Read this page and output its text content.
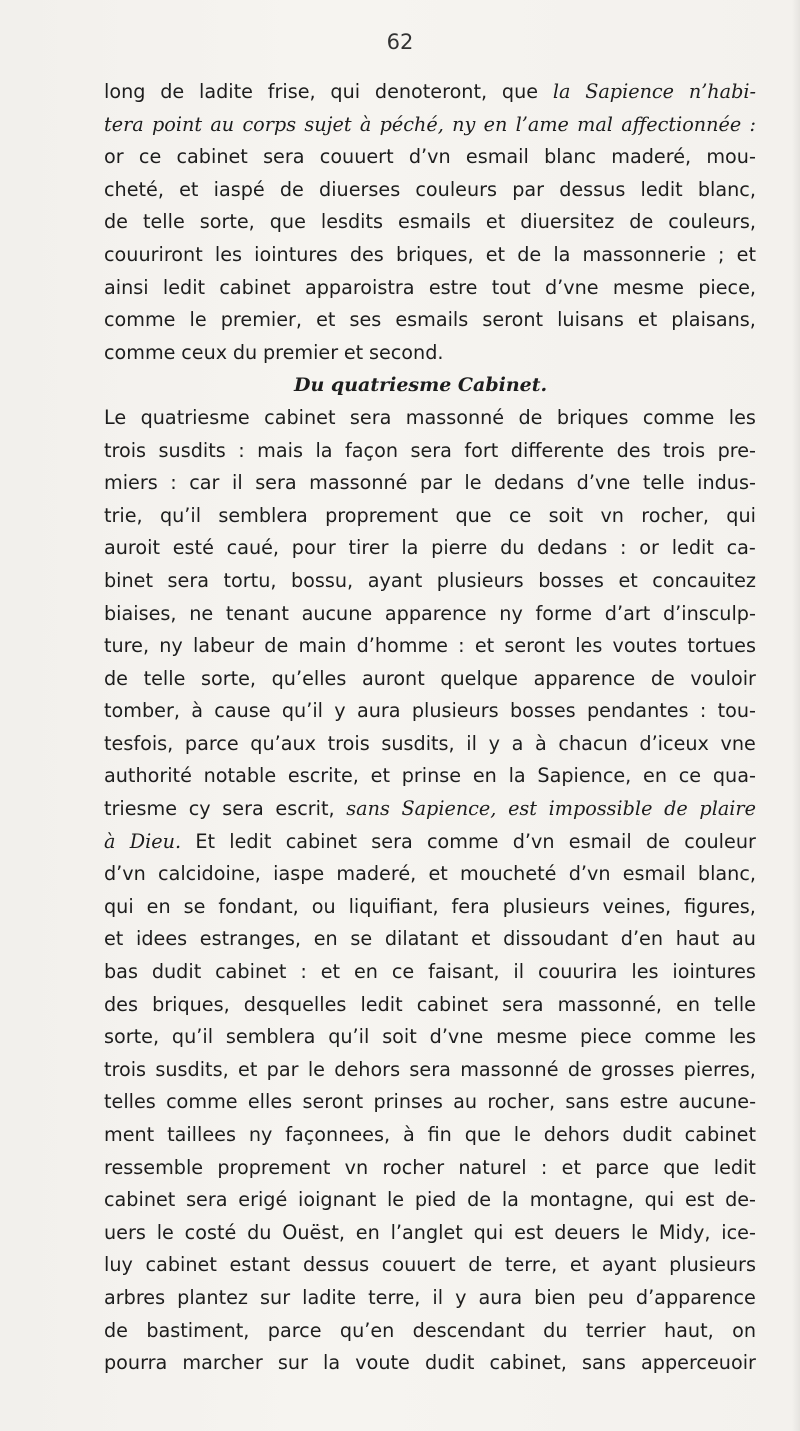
62
long de ladite frise, qui denoteront, que la Sapience n’habi-
tera point au corps sujet à péché, ny en l’ame mal affectionnée :
or ce cabinet sera couuert d’vn esmail blanc maderé, mou-
cheté, et iaspé de diuerses couleurs par dessus ledit blanc,
de telle sorte, que lesdits esmails et diuersitez de couleurs,
couuriront les iointures des briques, et de la massonnerie ; et
ainsi ledit cabinet apparoistra estre tout d’vne mesme piece,
comme le premier, et ses esmails seront luisans et plaisans,
comme ceux du premier et second.
Du quatriesme Cabinet.
Le quatriesme cabinet sera massonné de briques comme les
trois susdits : mais la façon sera fort differente des trois pre-
miers : car il sera massonné par le dedans d’vne telle indus-
trie, qu’il semblera proprement que ce soit vn rocher, qui
auroit esté caué, pour tirer la pierre du dedans : or ledit ca-
binet sera tortu, bossu, ayant plusieurs bosses et concauitez
biaises, ne tenant aucune apparence ny forme d’art d’insculp-
ture, ny labeur de main d’homme : et seront les voutes tortues
de telle sorte, qu’elles auront quelque apparence de vouloir
tomber, à cause qu’il y aura plusieurs bosses pendantes : tou-
tesfois, parce qu’aux trois susdits, il y a à chacun d’iceux vne
authorité notable escrite, et prinse en la Sapience, en ce qua-
triesme cy sera escrit, sans Sapience, est impossible de plaire
à Dieu. Et ledit cabinet sera comme d’vn esmail de couleur
d’vn calcidoine, iaspe maderé, et moucheté d’vn esmail blanc,
qui en se fondant, ou liquifiant, fera plusieurs veines, figures,
et idees estranges, en se dilatant et dissoudant d’en haut au
bas dudit cabinet : et en ce faisant, il couurira les iointures
des briques, desquelles ledit cabinet sera massonné, en telle
sorte, qu’il semblera qu’il soit d’vne mesme piece comme les
trois susdits, et par le dehors sera massonné de grosses pierres,
telles comme elles seront prinses au rocher, sans estre aucune-
ment taillees ny façonnees, à fin que le dehors dudit cabinet
ressemble proprement vn rocher naturel : et parce que ledit
cabinet sera erigé ioignant le pied de la montagne, qui est de-
uers le costé du Ouëst, en l’anglet qui est deuers le Midy, ice-
luy cabinet estant dessus couuert de terre, et ayant plusieurs
arbres plantez sur ladite terre, il y aura bien peu d’apparence
de bastiment, parce qu’en descendant du terrier haut, on
pourra marcher sur la voute dudit cabinet, sans apperceuoir
